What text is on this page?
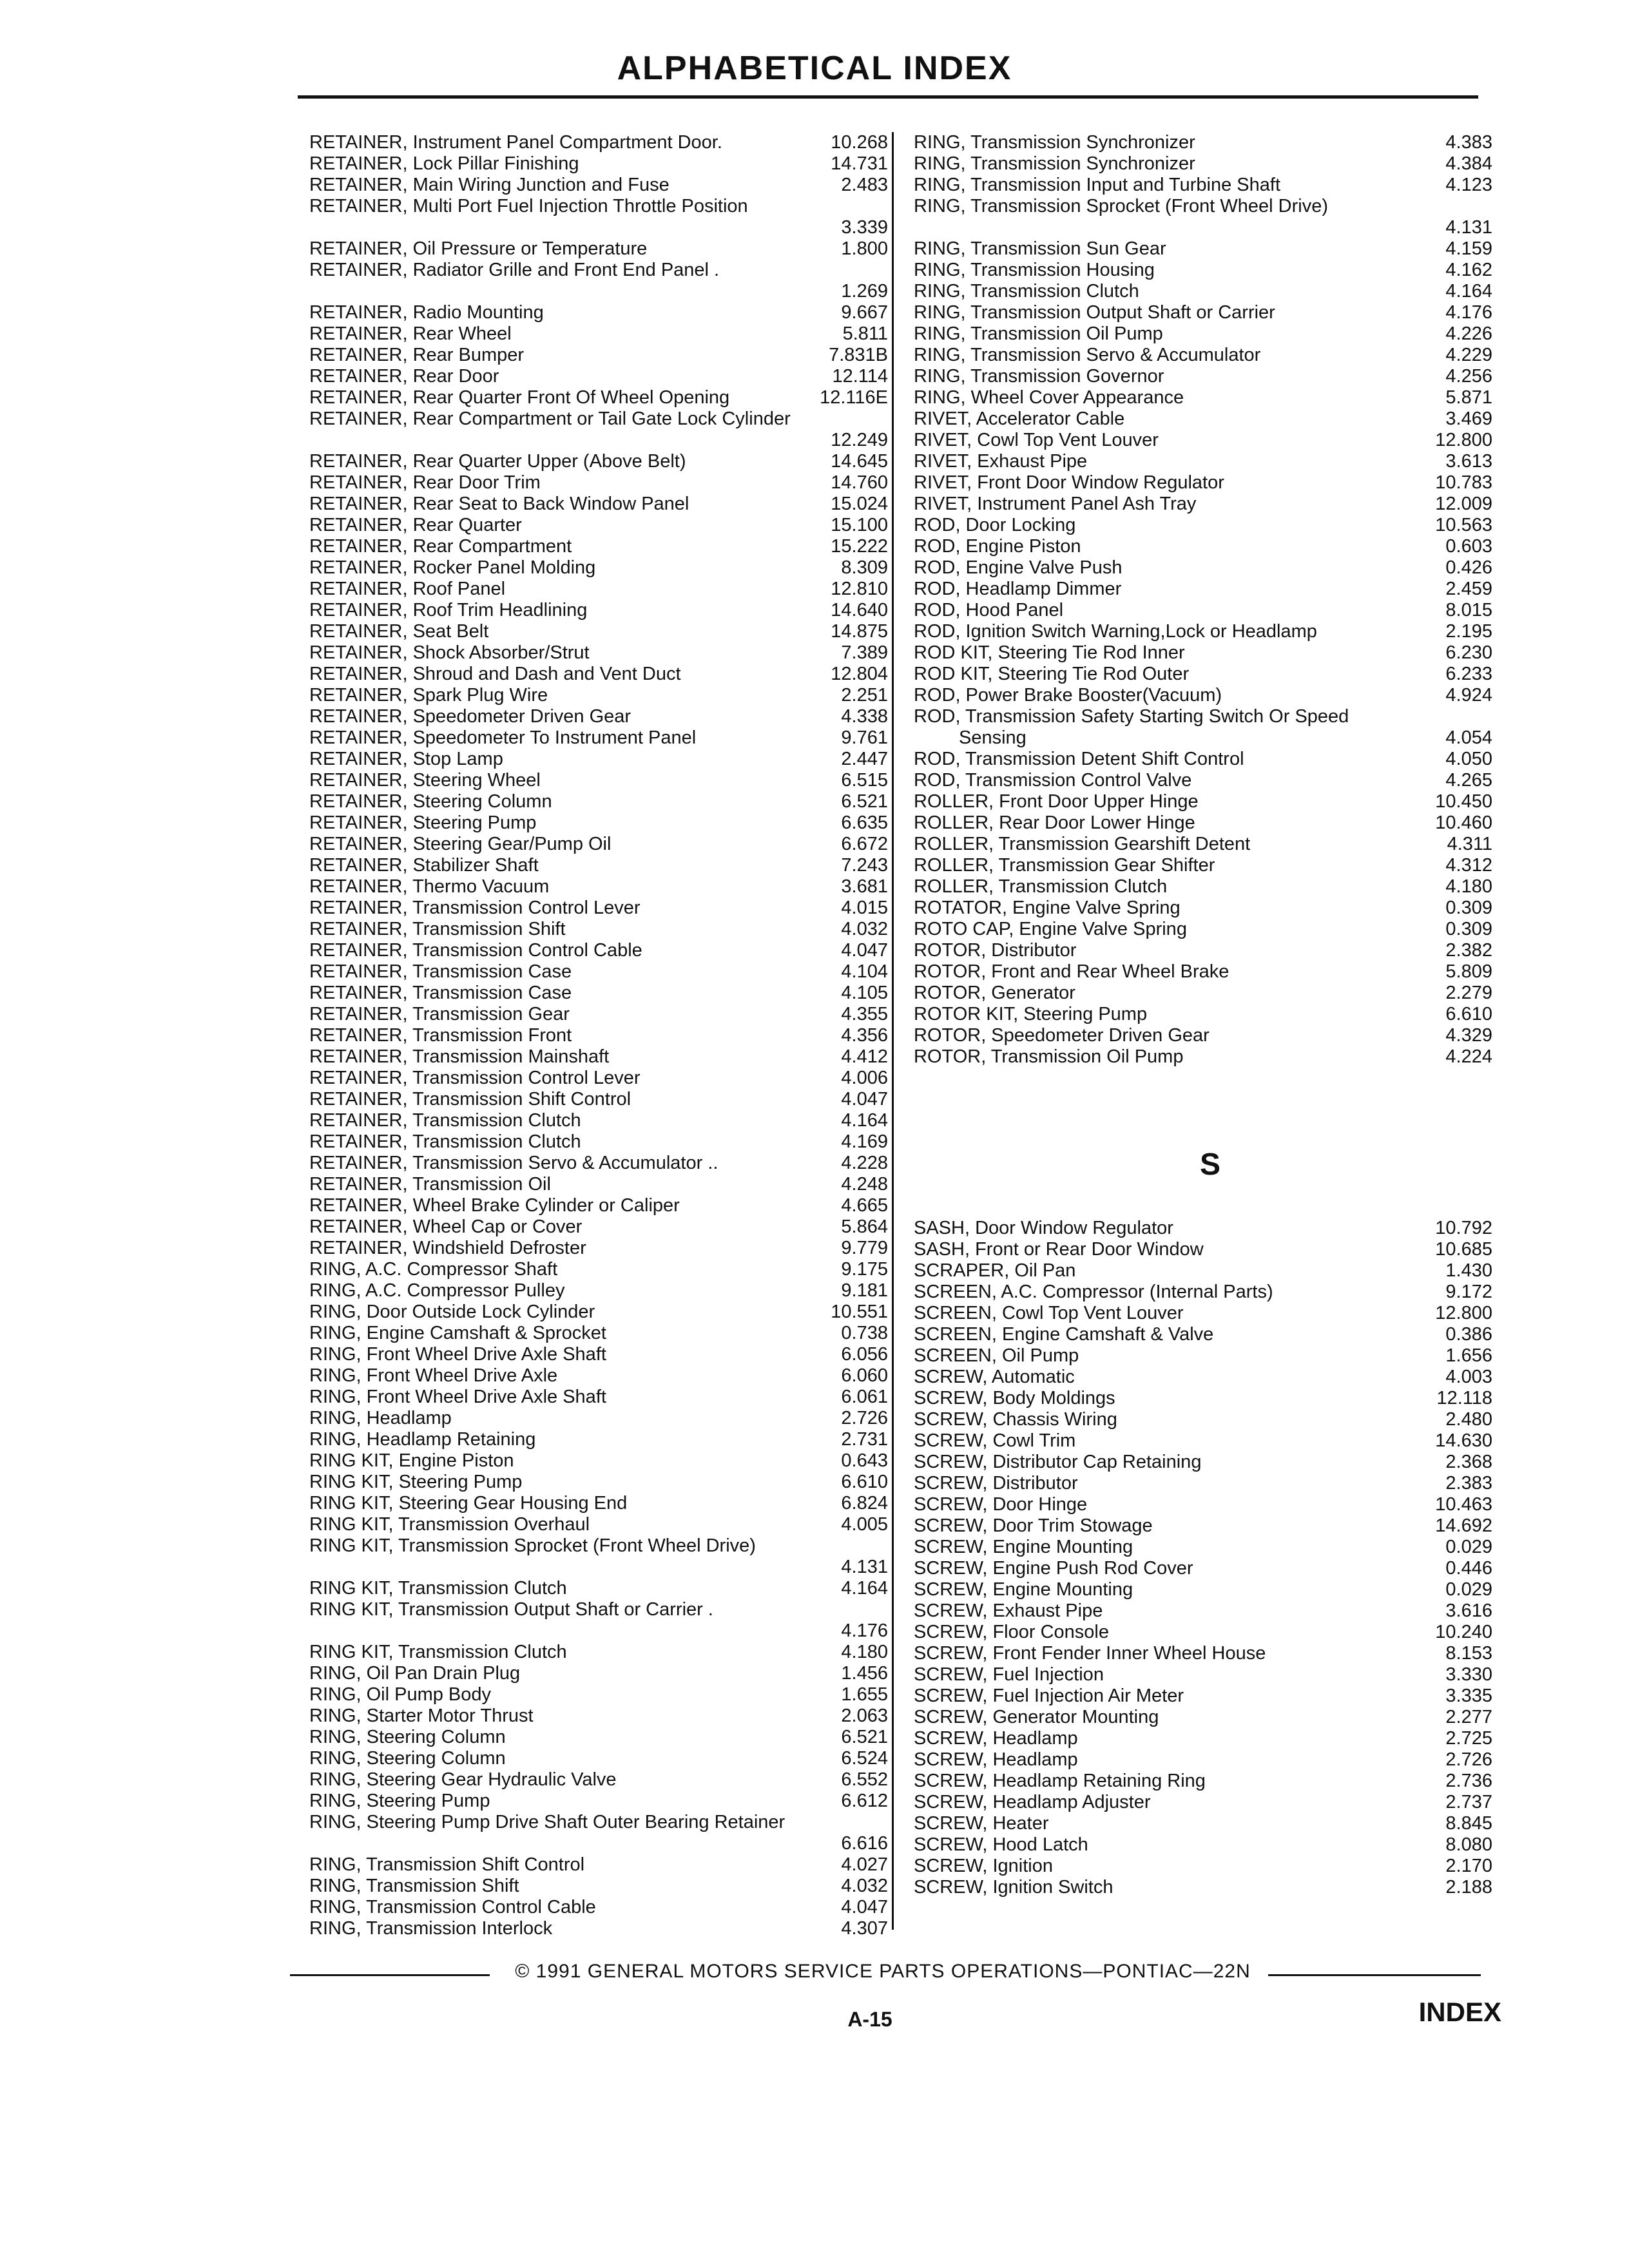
ALPHABETICAL INDEX
RETAINER, Instrument Panel Compartment Door.	10.268
RETAINER, Lock Pillar Finishing	14.731
RETAINER, Main Wiring Junction and Fuse	2.483
RETAINER, Multi Port Fuel Injection Throttle Position
3.339
RETAINER, Oil Pressure or Temperature	1.800
RETAINER, Radiator Grille and Front End Panel .
1.269
RETAINER, Radio Mounting	9.667
RETAINER, Rear Wheel	5.811
RETAINER, Rear Bumper	7.831B
RETAINER, Rear Door	12.114
RETAINER, Rear Quarter Front Of Wheel Opening	12.116E
RETAINER, Rear Compartment or Tail Gate Lock Cylinder
12.249
RETAINER, Rear Quarter Upper (Above Belt)	14.645
RETAINER, Rear Door Trim	14.760
RETAINER, Rear Seat to Back Window Panel	15.024
RETAINER, Rear Quarter	15.100
RETAINER, Rear Compartment	15.222
RETAINER, Rocker Panel Molding	8.309
RETAINER, Roof Panel	12.810
RETAINER, Roof Trim Headlining	14.640
RETAINER, Seat Belt	14.875
RETAINER, Shock Absorber/Strut	7.389
RETAINER, Shroud and Dash and Vent Duct	12.804
RETAINER, Spark Plug Wire	2.251
RETAINER, Speedometer Driven Gear	4.338
RETAINER, Speedometer To Instrument Panel	9.761
RETAINER, Stop Lamp	2.447
RETAINER, Steering Wheel	6.515
RETAINER, Steering Column	6.521
RETAINER, Steering Pump	6.635
RETAINER, Steering Gear/Pump Oil	6.672
RETAINER, Stabilizer Shaft	7.243
RETAINER, Thermo Vacuum	3.681
RETAINER, Transmission Control Lever	4.015
RETAINER, Transmission Shift	4.032
RETAINER, Transmission Control Cable	4.047
RETAINER, Transmission Case	4.104
RETAINER, Transmission Case	4.105
RETAINER, Transmission Gear	4.355
RETAINER, Transmission Front	4.356
RETAINER, Transmission Mainshaft	4.412
RETAINER, Transmission Control Lever	4.006
RETAINER, Transmission Shift Control	4.047
RETAINER, Transmission Clutch	4.164
RETAINER, Transmission Clutch	4.169
RETAINER, Transmission Servo & Accumulator ..	4.228
RETAINER, Transmission Oil	4.248
RETAINER, Wheel Brake Cylinder or Caliper	4.665
RETAINER, Wheel Cap or Cover	5.864
RETAINER, Windshield Defroster	9.779
RING, A.C. Compressor Shaft	9.175
RING, A.C. Compressor Pulley	9.181
RING, Door Outside Lock Cylinder	10.551
RING, Engine Camshaft & Sprocket	0.738
RING, Front Wheel Drive Axle Shaft	6.056
RING, Front Wheel Drive Axle	6.060
RING, Front Wheel Drive Axle Shaft	6.061
RING, Headlamp	2.726
RING, Headlamp Retaining	2.731
RING KIT, Engine Piston	0.643
RING KIT, Steering Pump	6.610
RING KIT, Steering Gear Housing End	6.824
RING KIT, Transmission Overhaul	4.005
RING KIT, Transmission Sprocket (Front Wheel Drive)
4.131
RING KIT, Transmission Clutch	4.164
RING KIT, Transmission Output Shaft or Carrier .
4.176
RING KIT, Transmission Clutch	4.180
RING, Oil Pan Drain Plug	1.456
RING, Oil Pump Body	1.655
RING, Starter Motor Thrust	2.063
RING, Steering Column	6.521
RING, Steering Column	6.524
RING, Steering Gear Hydraulic Valve	6.552
RING, Steering Pump	6.612
RING, Steering Pump Drive Shaft Outer Bearing Retainer
6.616
RING, Transmission Shift Control	4.027
RING, Transmission Shift	4.032
RING, Transmission Control Cable	4.047
RING, Transmission Interlock	4.307
RING, Transmission Synchronizer	4.383
RING, Transmission Synchronizer	4.384
RING, Transmission Input and Turbine Shaft	4.123
RING, Transmission Sprocket (Front Wheel Drive)
4.131
RING, Transmission Sun Gear	4.159
RING, Transmission Housing	4.162
RING, Transmission Clutch	4.164
RING, Transmission Output Shaft or Carrier	4.176
RING, Transmission Oil Pump	4.226
RING, Transmission Servo & Accumulator	4.229
RING, Transmission Governor	4.256
RING, Wheel Cover Appearance	5.871
RIVET, Accelerator Cable	3.469
RIVET, Cowl Top Vent Louver	12.800
RIVET, Exhaust Pipe	3.613
RIVET, Front Door Window Regulator	10.783
RIVET, Instrument Panel Ash Tray	12.009
ROD, Door Locking	10.563
ROD, Engine Piston	0.603
ROD, Engine Valve Push	0.426
ROD, Headlamp Dimmer	2.459
ROD, Hood Panel	8.015
ROD, Ignition Switch Warning,Lock or Headlamp	2.195
ROD KIT, Steering Tie Rod Inner	6.230
ROD KIT, Steering Tie Rod Outer	6.233
ROD, Power Brake Booster(Vacuum)	4.924
ROD, Transmission Safety Starting Switch Or Speed Sensing	4.054
ROD, Transmission Detent Shift Control	4.050
ROD, Transmission Control Valve	4.265
ROLLER, Front Door Upper Hinge	10.450
ROLLER, Rear Door Lower Hinge	10.460
ROLLER, Transmission Gearshift Detent	4.311
ROLLER, Transmission Gear Shifter	4.312
ROLLER, Transmission Clutch	4.180
ROTATOR, Engine Valve Spring	0.309
ROTO CAP, Engine Valve Spring	0.309
ROTOR, Distributor	2.382
ROTOR, Front and Rear Wheel Brake	5.809
ROTOR, Generator	2.279
ROTOR KIT, Steering Pump	6.610
ROTOR, Speedometer Driven Gear	4.329
ROTOR, Transmission Oil Pump	4.224
S
SASH, Door Window Regulator	10.792
SASH, Front or Rear Door Window	10.685
SCRAPER, Oil Pan	1.430
SCREEN, A.C. Compressor (Internal Parts)	9.172
SCREEN, Cowl Top Vent Louver	12.800
SCREEN, Engine Camshaft & Valve	0.386
SCREEN, Oil Pump	1.656
SCREW, Automatic	4.003
SCREW, Body Moldings	12.118
SCREW, Chassis Wiring	2.480
SCREW, Cowl Trim	14.630
SCREW, Distributor Cap Retaining	2.368
SCREW, Distributor	2.383
SCREW, Door Hinge	10.463
SCREW, Door Trim Stowage	14.692
SCREW, Engine Mounting	0.029
SCREW, Engine Push Rod Cover	0.446
SCREW, Engine Mounting	0.029
SCREW, Exhaust Pipe	3.616
SCREW, Floor Console	10.240
SCREW, Front Fender Inner Wheel House	8.153
SCREW, Fuel Injection	3.330
SCREW, Fuel Injection Air Meter	3.335
SCREW, Generator Mounting	2.277
SCREW, Headlamp	2.725
SCREW, Headlamp	2.726
SCREW, Headlamp Retaining Ring	2.736
SCREW, Headlamp Adjuster	2.737
SCREW, Heater	8.845
SCREW, Hood Latch	8.080
SCREW, Ignition	2.170
SCREW, Ignition Switch	2.188
© 1991 GENERAL MOTORS SERVICE PARTS OPERATIONS—PONTIAC—22N
A-15	INDEX
